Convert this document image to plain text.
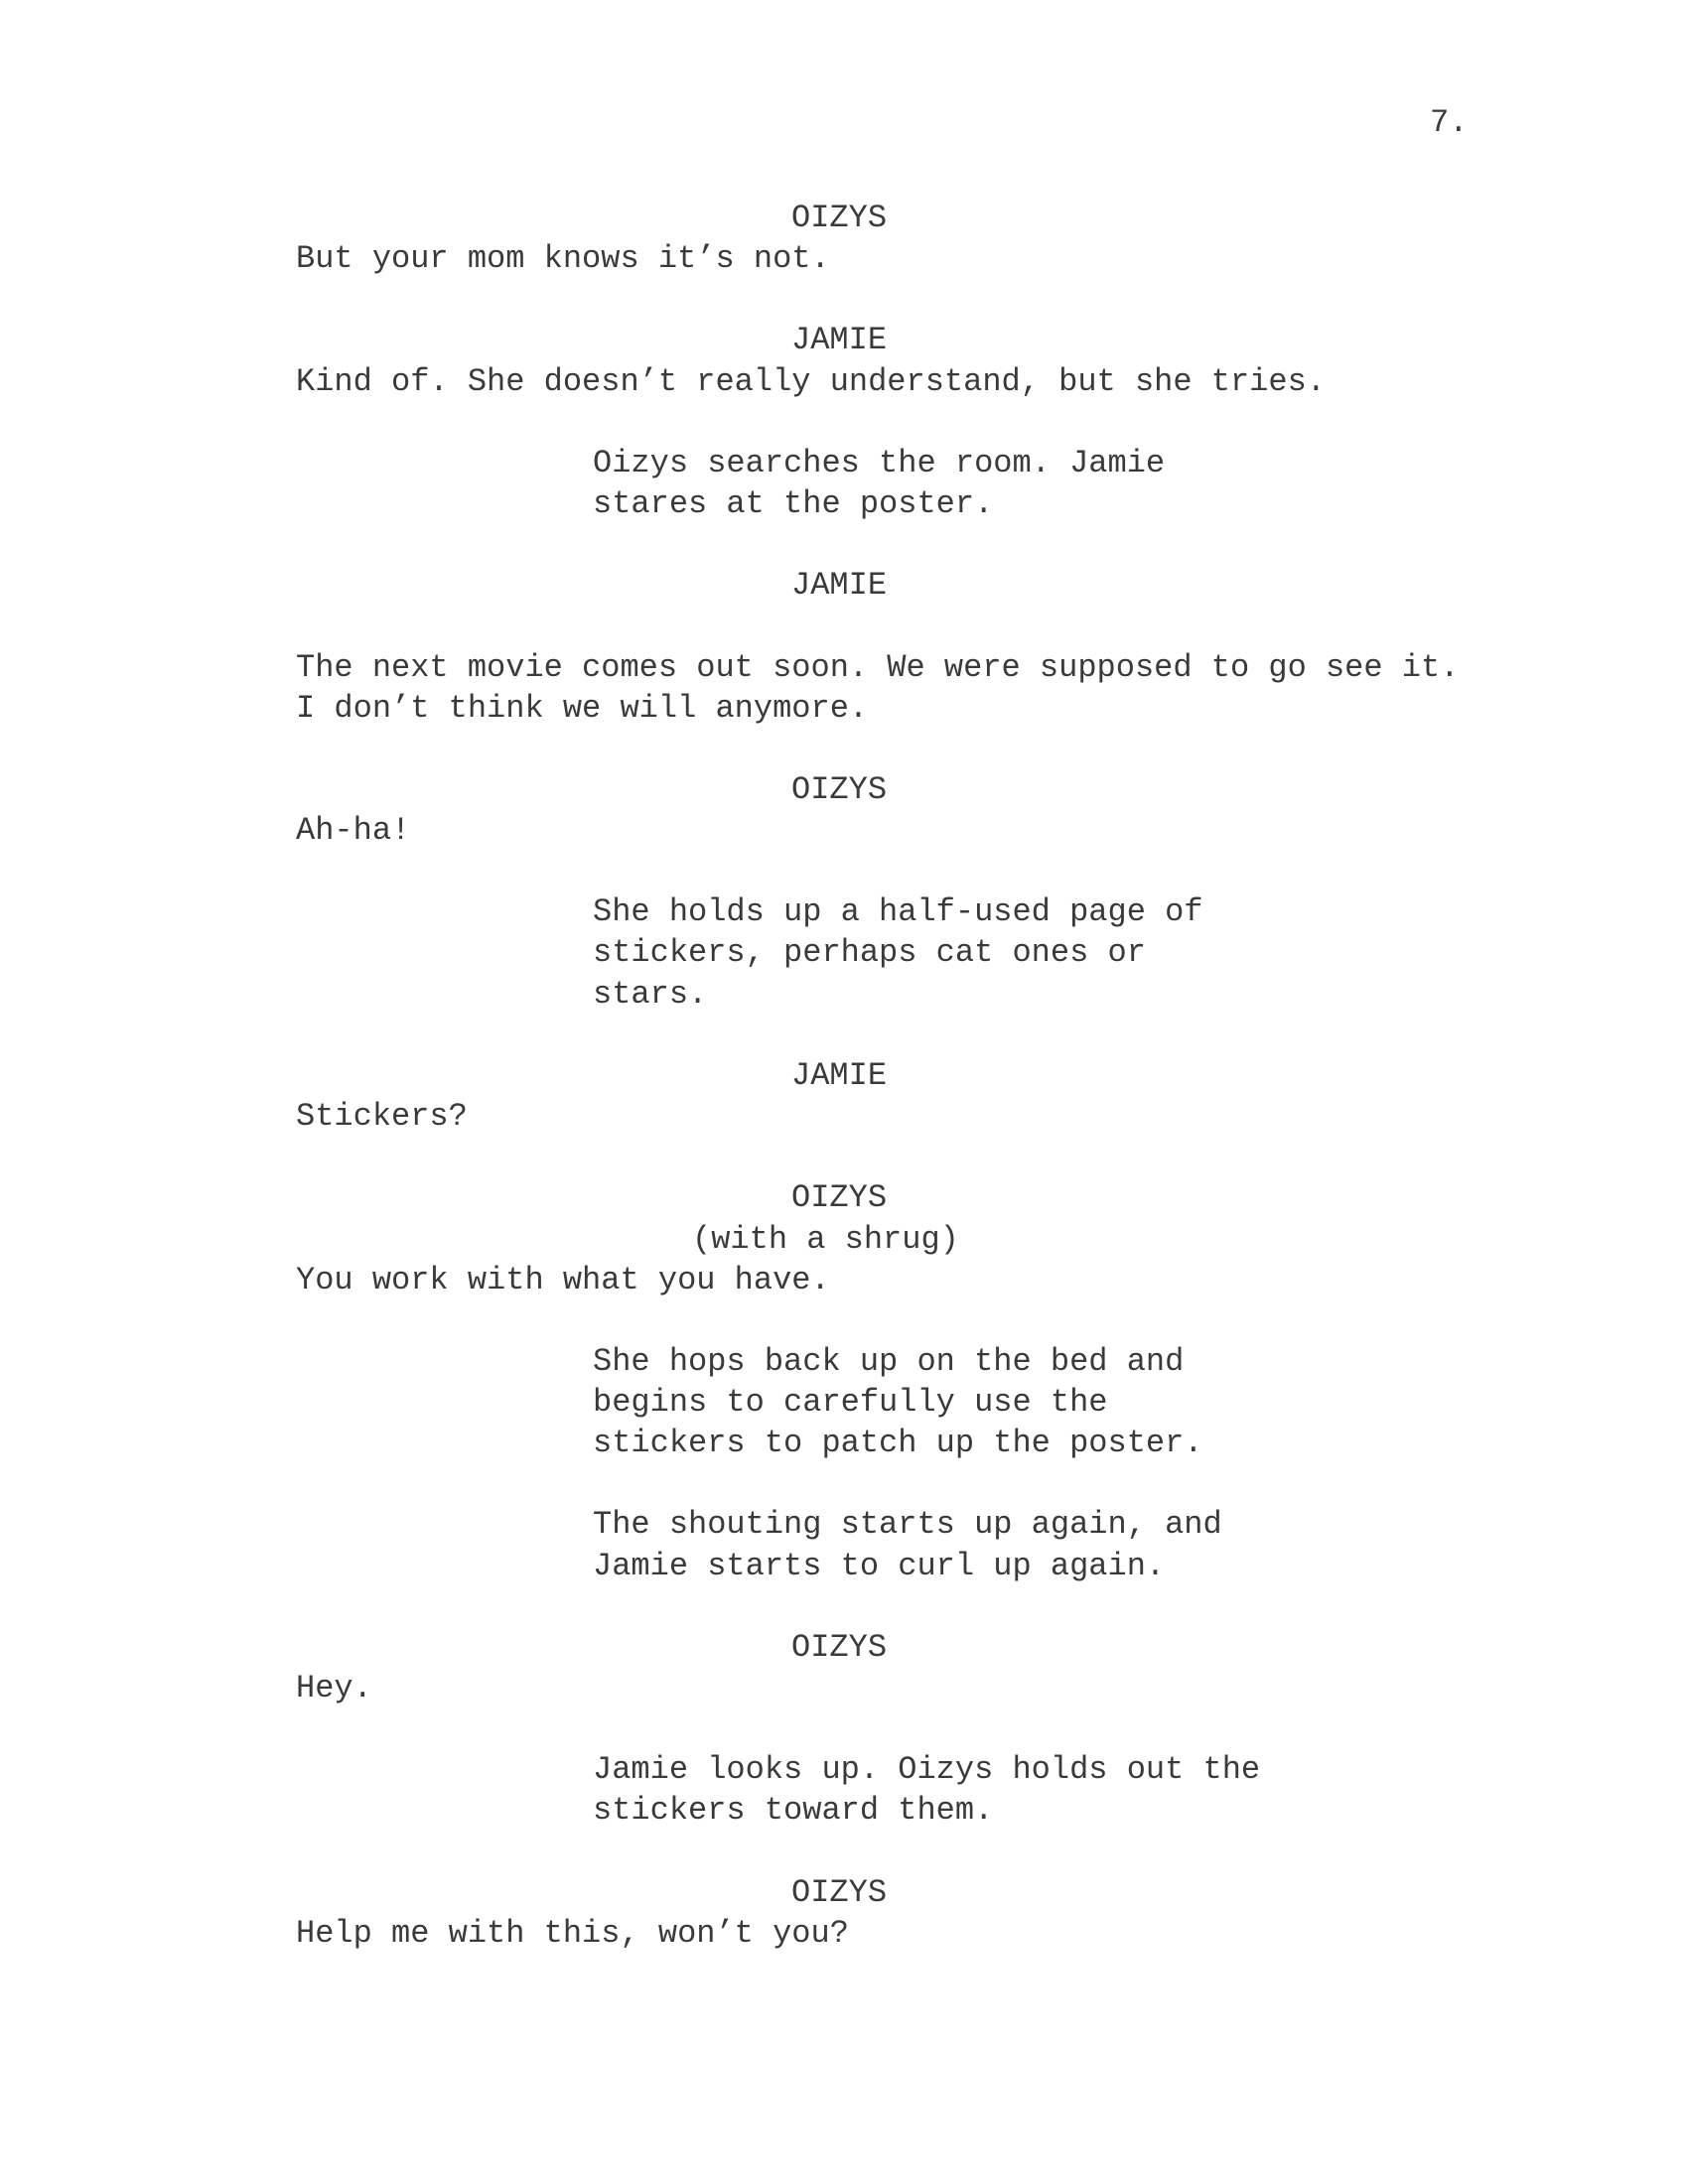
7.

OIZYS

But your mom knows it’s not.

JAMIE

Kind of. She doesn’t really understand, but she tries.

Oizys searches the room. Jamie

stares at the poster.

JAMIE

The next movie comes out soon. We were supposed to go see it.

I don’t think we will anymore.

OIZYS

Ah-ha!

She holds up a half-used page of

stickers, perhaps cat ones or

stars.

JAMIE

Stickers?

OIZYS

(with a shrug)

You work with what you have.

She hops back up on the bed and

begins to carefully use the

stickers to patch up the poster.

The shouting starts up again, and

Jamie starts to curl up again.

OIZYS

Hey.

Jamie looks up. Oizys holds out the

stickers toward them.

OIZYS

Help me with this, won’t you?
